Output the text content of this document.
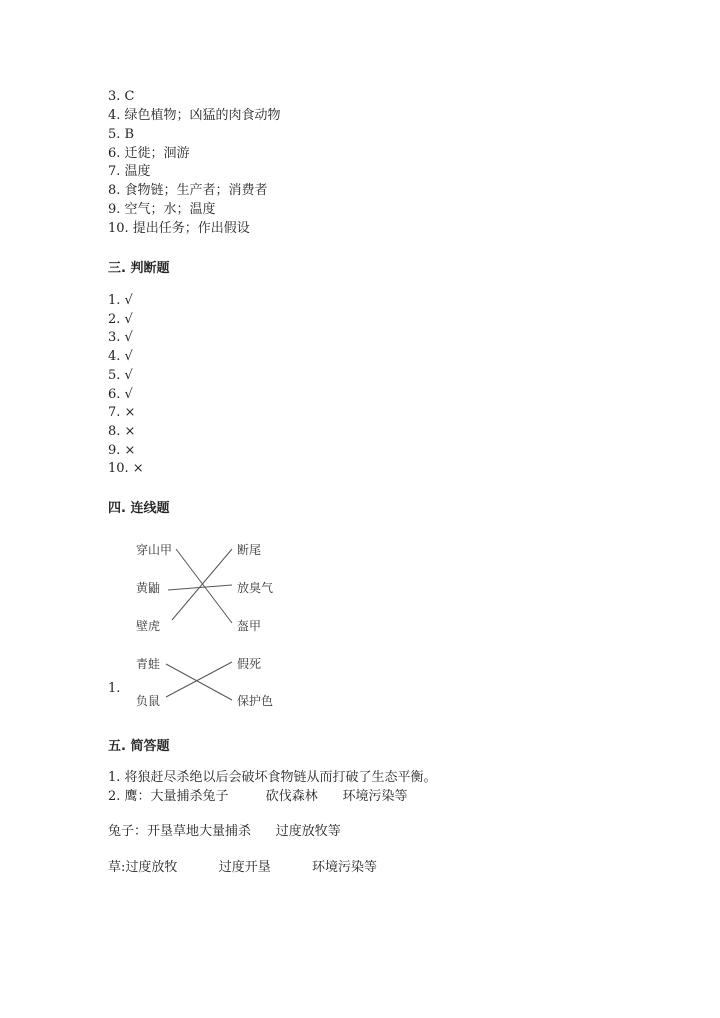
3. C
4. 绿色植物；凶猛的肉食动物
5. B
6. 迁徙；洄游
7. 温度
8. 食物链；生产者；消费者
9. 空气；水；温度
10. 提出任务；作出假设
三. 判断题
1. √
2. √
3. √
4. √
5. √
6. √
7. ×
8. ×
9. ×
10. ×
四. 连线题
穿山甲
黄鼬
壁虎
断尾
放臭气
盔甲
青蛙
负鼠
假死
保护色
1.
五. 简答题
1. 将狼赶尽杀绝以后会破坏食物链从而打破了生态平衡。
2. 鹰：大量捕杀兔子         砍伐森林      环境污染等
兔子：开垦草地大量捕杀      过度放牧等
草:过度放牧          过度开垦          环境污染等
